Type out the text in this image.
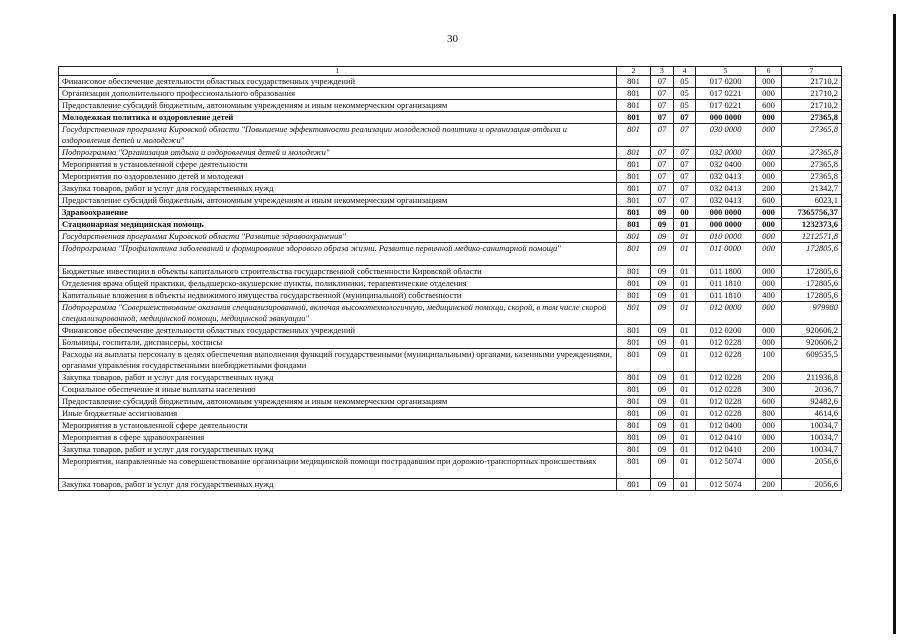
30
1	2	3	4	5	6	7
Финансовое обеспечение деятельности областных государственных учреждений	801	07	05	017 0200	000	21710,2
Организации дополнительного профессионального образования	801	07	05	017 0221	000	21710,2
Предоставление субсидий бюджетным, автономным учреждениям и иным некоммерческим организациям	801	07	05	017 0221	600	21710,2
Молодежная политика и оздоровление детей	801	07	07	000 0000	000	27365,8
Государственная программа Кировской области "Повышение эффективности реализации молодежной политики и организация отдыха и оздоровления детей и молодежи"	801	07	07	030 0000	000	27365,8
Подпрограмма "Организация отдыха и оздоровления детей и молодежи"	801	07	07	032 0000	000	27365,8
Мероприятия в установленной сфере деятельности	801	07	07	032 0400	000	27365,8
Мероприятия по оздоровлению детей и молодежи	801	07	07	032 0413	000	27365,8
Закупка товаров, работ и услуг для государственных нужд	801	07	07	032 0413	200	21342,7
Предоставление субсидий бюджетным, автономным учреждениям и иным некоммерческим организациям	801	07	07	032 0413	600	6023,1
Здравоохранение	801	09	00	000 0000	000	7365756,37
Стационарная медицинская помощь	801	09	01	000 0000	000	1232373,6
Государственная программа Кировской области "Развитие здравоохранения"	801	09	01	010 0000	000	1212571,8
Подпрограмма "Профилактика заболеваний и формирование здорового образа жизни. Развитие первичной медико-санитарной помощи"	801	09	01	011 0000	000	172805,6
Бюджетные инвестиции в объекты капитального строительства государственной собственности Кировской области	801	09	01	011 1800	000	172805,6
Отделения врача общей практики, фельдшерско-акушерские пункты, поликлиники, терапевтические отделения	801	09	01	011 1810	000	172805,6
Капитальные вложения в объекты недвижимого имущества государственной (муниципальной) собственности	801	09	01	011 1810	400	172805,6
Подпрограмма "Совершенствование оказания специализированной, включая высокотехнологичную, медицинской помощи, скорой, в том числе скорой специализированной, медицинской помощи, медицинской эвакуации"	801	09	01	012 0000	000	979980
Финансовое обеспечение деятельности областных государственных учреждений	801	09	01	012 0200	000	920606,2
Больницы, госпитали, диспансеры, хосписы	801	09	01	012 0228	000	920606,2
Расходы на выплаты персоналу в целях обеспечения выполнения функций государственными (муниципальными) органами, казенными учреждениями, органами управления государственными внебюджетными фондами	801	09	01	012 0228	100	609535,5
Закупка товаров, работ и услуг для государственных нужд	801	09	01	012 0228	200	211936,8
Социальное обеспечение и иные выплаты населению	801	09	01	012 0228	300	2036,7
Предоставление субсидий бюджетным, автономным учреждениям и иным некоммерческим организациям	801	09	01	012 0228	600	92482,6
Иные бюджетные ассигнования	801	09	01	012 0228	800	4614,6
Мероприятия в установленной сфере деятельности	801	09	01	012 0400	000	10034,7
Мероприятия в сфере здравоохранения	801	09	01	012 0410	000	10034,7
Закупка товаров, работ и услуг для государственных нужд	801	09	01	012 0410	200	10034,7
Мероприятия, направленные на совершенствование организации медицинской помощи пострадавшим при дорожно-транспортных происшествиях	801	09	01	012 5074	000	2056,6
Закупка товаров, работ и услуг для государственных нужд	801	09	01	012 5074	200	2056,6
